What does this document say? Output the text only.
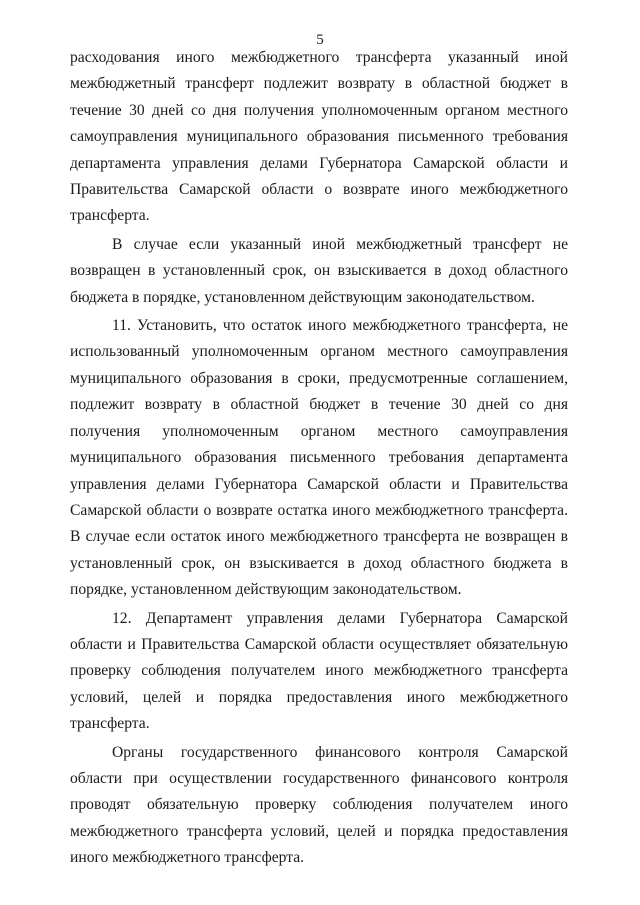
5

расходования иного межбюджетного трансферта указанный иной межбюджетный трансферт подлежит возврату в областной бюджет в течение 30 дней со дня получения уполномоченным органом местного самоуправления муниципального образования письменного требования департамента управления делами Губернатора Самарской области и Правительства Самарской области о возврате иного межбюджетного трансферта.

В случае если указанный иной межбюджетный трансферт не возвращен в установленный срок, он взыскивается в доход областного бюджета в порядке, установленном действующим законодательством.

11. Установить, что остаток иного межбюджетного трансферта, не использованный уполномоченным органом местного самоуправления муниципального образования в сроки, предусмотренные соглашением, подлежит возврату в областной бюджет в течение 30 дней со дня получения уполномоченным органом местного самоуправления муниципального образования письменного требования департамента управления делами Губернатора Самарской области и Правительства Самарской области о возврате остатка иного межбюджетного трансферта. В случае если остаток иного межбюджетного трансферта не возвращен в установленный срок, он взыскивается в доход областного бюджета в порядке, установленном действующим законодательством.

12. Департамент управления делами Губернатора Самарской области и Правительства Самарской области осуществляет обязательную проверку соблюдения получателем иного межбюджетного трансферта условий, целей и порядка предоставления иного межбюджетного трансферта.

Органы государственного финансового контроля Самарской области при осуществлении государственного финансового контроля проводят обязательную проверку соблюдения получателем иного межбюджетного трансферта условий, целей и порядка предоставления иного межбюджетного трансферта.
